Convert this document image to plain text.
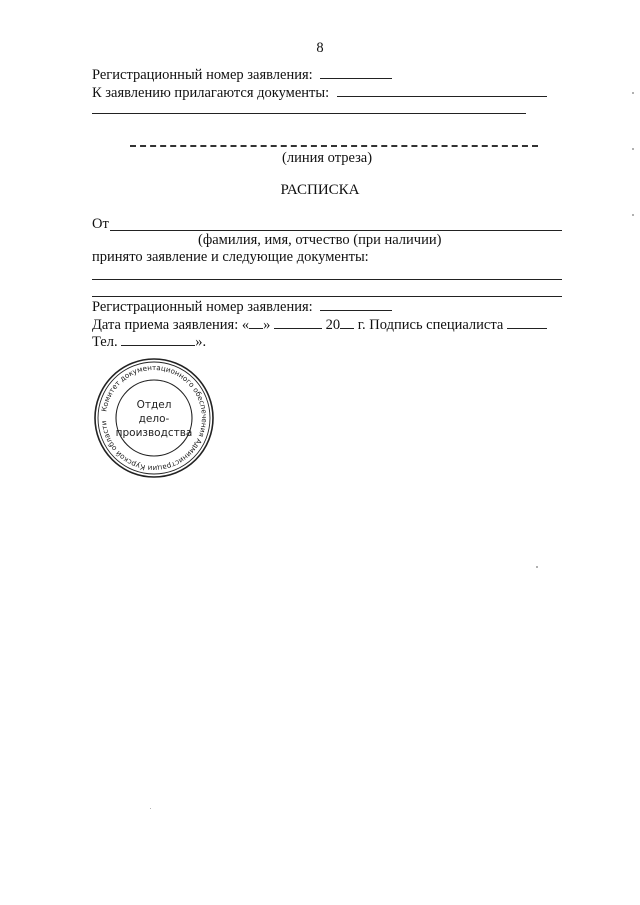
8
Регистрационный номер заявления:
К заявлению прилагаются документы:
(линия отреза)
РАСПИСКА
От
(фамилия, имя, отчество (при наличии)
принято заявление и следующие документы:
Регистрационный номер заявления:
Дата приема заявления: « »	20 г. Подпись специалиста
Тел.	».
Комитет документационного обеспечения Администрации Курской области
Отдел
дело-
производства
